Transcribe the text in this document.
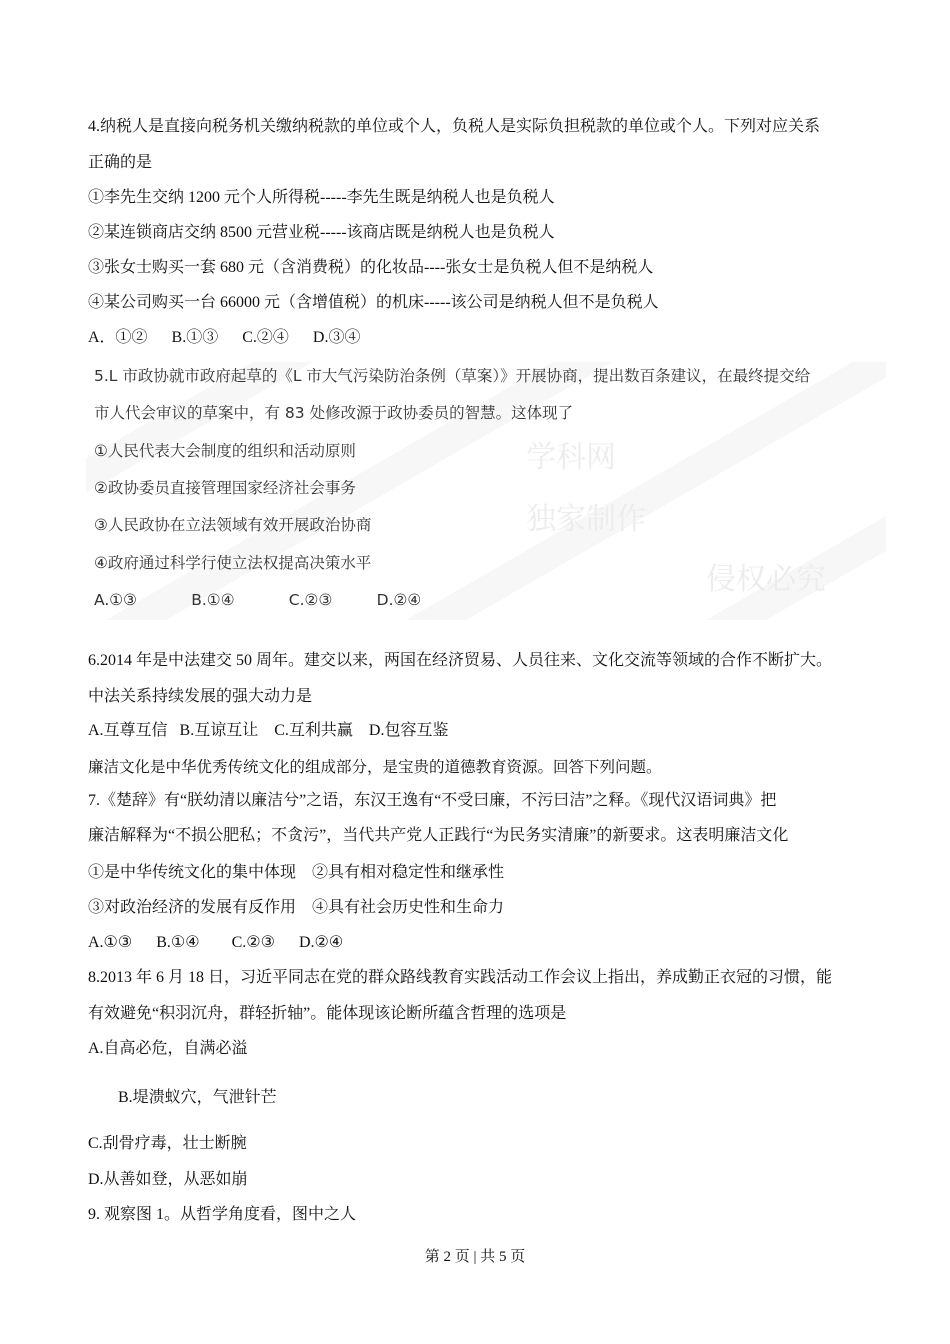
4.纳税人是直接向税务机关缴纳税款的单位或个人，负税人是实际负担税款的单位或个人。下列对应关系
正确的是
①李先生交纳 1200 元个人所得税-----李先生既是纳税人也是负税人
②某连锁商店交纳 8500 元营业税-----该商店既是纳税人也是负税人
③张女士购买一套 680 元（含消费税）的化妆品----张女士是负税人但不是纳税人
④某公司购买一台 66000 元（含增值税）的机床-----该公司是纳税人但不是负税人
A．①②      B.①③      C.②④      D.③④
学科网
独家制作
侵权必究
5.L 市政协就市政府起草的《L 市大气污染防治条例（草案）》开展协商，提出数百条建议，在最终提交给
市人代会审议的草案中，有 83 处修改源于政协委员的智慧。这体现了
①人民代表大会制度的组织和活动原则
②政协委员直接管理国家经济社会事务
③人民政协在立法领域有效开展政治协商
④政府通过科学行使立法权提高决策水平
A.①③           B.①④           C.②③         D.②④
6.2014 年是中法建交 50 周年。建交以来，两国在经济贸易、人员往来、文化交流等领域的合作不断扩大。
中法关系持续发展的强大动力是
A.互尊互信   B.互谅互让    C.互利共赢    D.包容互鉴
廉洁文化是中华优秀传统文化的组成部分，是宝贵的道德教育资源。回答下列问题。
7.《楚辞》有“朕幼清以廉洁兮”之语，东汉王逸有“不受曰廉，不污曰洁”之释。《现代汉语词典》把
廉洁解释为“不损公肥私；不贪污”，当代共产党人正践行“为民务实清廉”的新要求。这表明廉洁文化
①是中华传统文化的集中体现    ②具有相对稳定性和继承性
③对政治经济的发展有反作用    ④具有社会历史性和生命力
A.①③      B.①④        C.②③      D.②④
8.2013 年 6 月 18 日，习近平同志在党的群众路线教育实践活动工作会议上指出，养成勤正衣冠的习惯，能
有效避免“积羽沉舟，群轻折轴”。能体现该论断所蕴含哲理的选项是
A.自高必危，自满必溢
B.堤溃蚁穴，气泄针芒
C.刮骨疗毒，壮士断腕
D.从善如登，从恶如崩
9. 观察图 1。从哲学角度看，图中之人
第 2 页 | 共 5 页
